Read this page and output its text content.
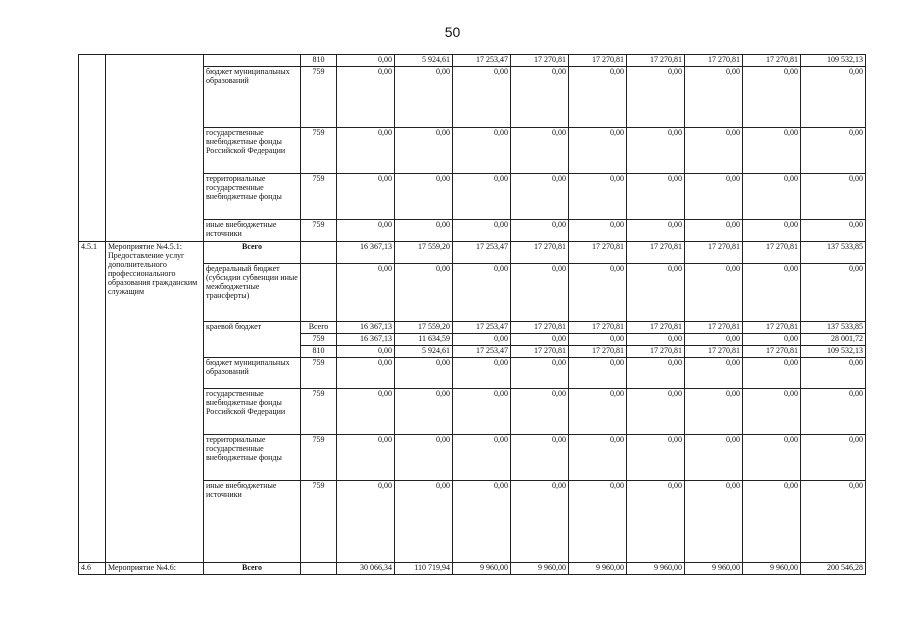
50
			810	0,00	5 924,61	17 253,47	17 270,81	17 270,81	17 270,81	17 270,81	17 270,81	109 532,13
		бюджет муниципальных образований	759	0,00	0,00	0,00	0,00	0,00	0,00	0,00	0,00	0,00
		государственные внебюджетные фонды Российской Федерации	759	0,00	0,00	0,00	0,00	0,00	0,00	0,00	0,00	0,00
		территориальные государственные внебюджетные фонды	759	0,00	0,00	0,00	0,00	0,00	0,00	0,00	0,00	0,00
		иные внебюджетные источники	759	0,00	0,00	0,00	0,00	0,00	0,00	0,00	0,00	0,00
4.5.1	Мероприятие №4.5.1: Предоставление услуг дополнительного профессионального образования гражданским служащим	Всего		16 367,13	17 559,20	17 253,47	17 270,81	17 270,81	17 270,81	17 270,81	17 270,81	137 533,85
		федеральный бюджет (субсидии субвенции иные межбюджетные трансферты)		0,00	0,00	0,00	0,00	0,00	0,00	0,00	0,00	0,00
		краевой бюджет	Всего	16 367,13	17 559,20	17 253,47	17 270,81	17 270,81	17 270,81	17 270,81	17 270,81	137 533,85
			759	16 367,13	11 634,59	0,00	0,00	0,00	0,00	0,00	0,00	28 001,72
			810	0,00	5 924,61	17 253,47	17 270,81	17 270,81	17 270,81	17 270,81	17 270,81	109 532,13
		бюджет муниципальных образований	759	0,00	0,00	0,00	0,00	0,00	0,00	0,00	0,00	0,00
		государственные внебюджетные фонды Российской Федерации	759	0,00	0,00	0,00	0,00	0,00	0,00	0,00	0,00	0,00
		территориальные государственные внебюджетные фонды	759	0,00	0,00	0,00	0,00	0,00	0,00	0,00	0,00	0,00
		иные внебюджетные источники	759	0,00	0,00	0,00	0,00	0,00	0,00	0,00	0,00	0,00
4.6	Мероприятие №4.6:	Всего		30 066,34	110 719,94	9 960,00	9 960,00	9 960,00	9 960,00	9 960,00	9 960,00	200 546,28
